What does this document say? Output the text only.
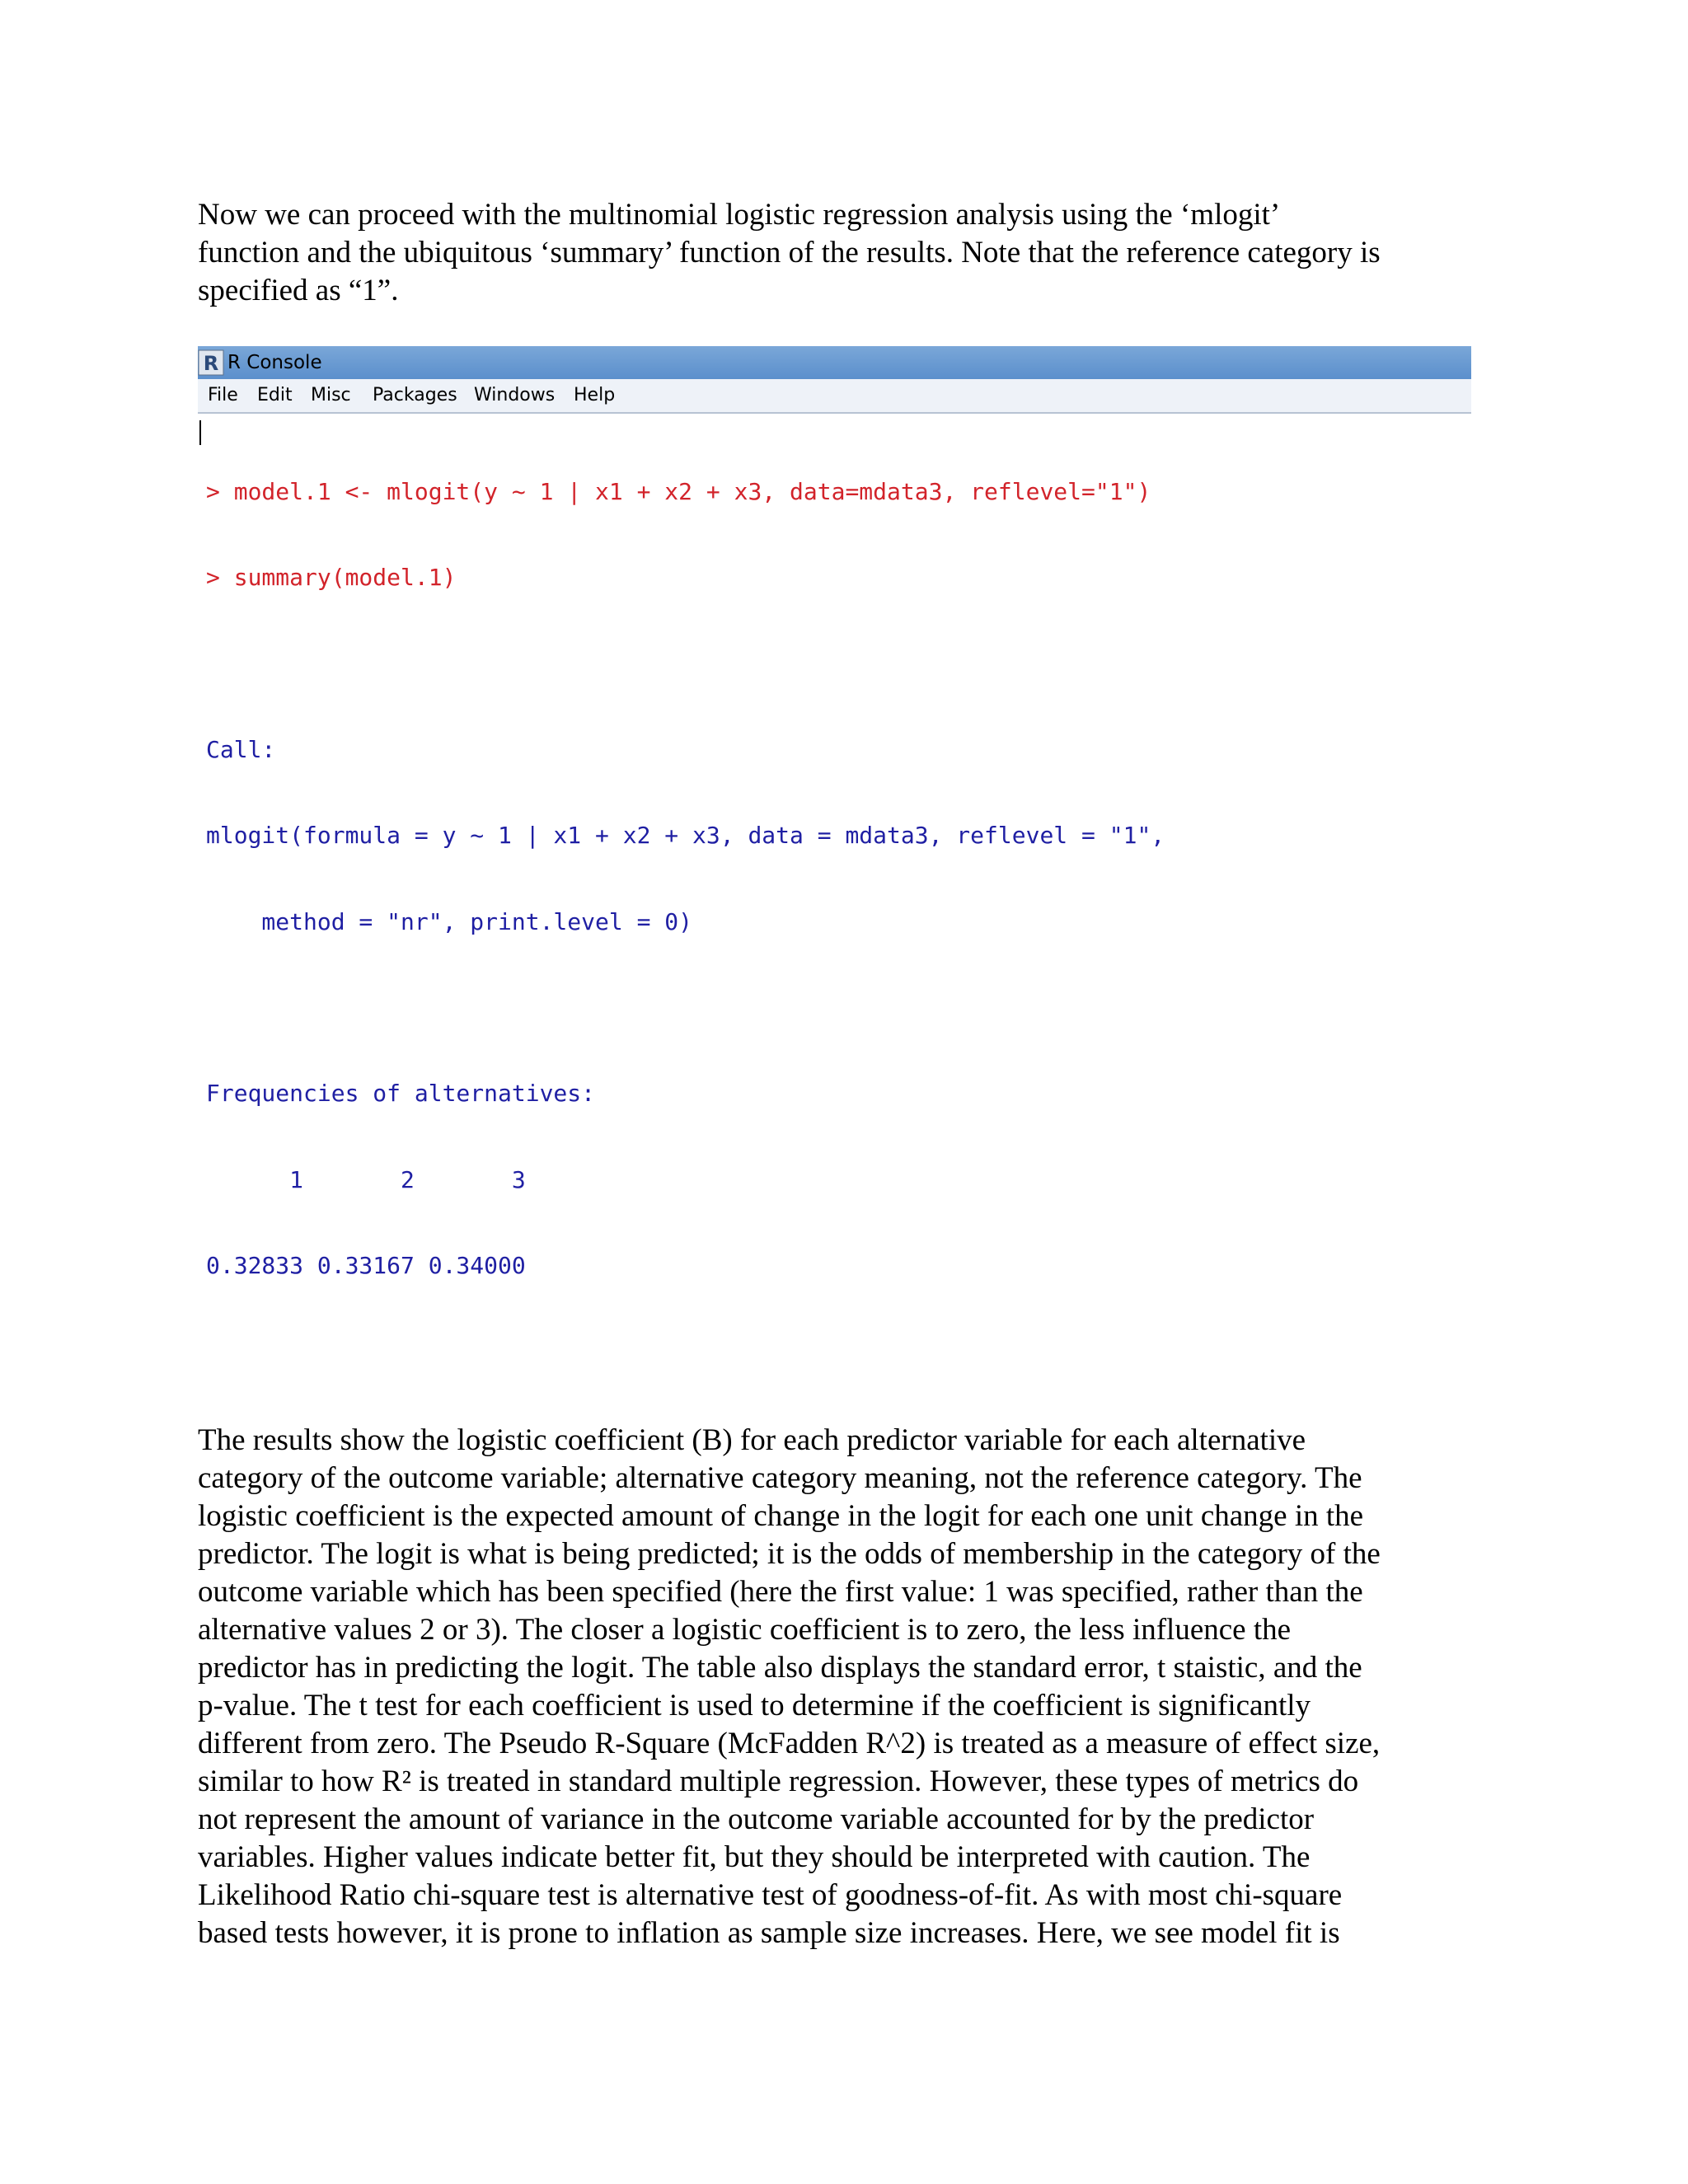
Now we can proceed with the multinomial logistic regression analysis using the ‘mlogit’
function and the ubiquitous ‘summary’ function of the results. Note that the reference category is
specified as “1”.

R R Console
File Edit Misc Packages Windows Help

> model.1 <- mlogit(y ~ 1 | x1 + x2 + x3, data=mdata3, reflevel="1")

> summary(model.1)

Call:

mlogit(formula = y ~ 1 | x1 + x2 + x3, data = mdata3, reflevel = "1",

method = "nr", print.level = 0)

Frequencies of alternatives:

1       2       3

0.32833 0.33167 0.34000

The results show the logistic coefficient (B) for each predictor variable for each alternative
category of the outcome variable; alternative category meaning, not the reference category. The
logistic coefficient is the expected amount of change in the logit for each one unit change in the
predictor. The logit is what is being predicted; it is the odds of membership in the category of the
outcome variable which has been specified (here the first value: 1 was specified, rather than the
alternative values 2 or 3). The closer a logistic coefficient is to zero, the less influence the
predictor has in predicting the logit. The table also displays the standard error, t staistic, and the
p-value. The t test for each coefficient is used to determine if the coefficient is significantly
different from zero. The Pseudo R-Square (McFadden R^2) is treated as a measure of effect size,
similar to how R² is treated in standard multiple regression. However, these types of metrics do
not represent the amount of variance in the outcome variable accounted for by the predictor
variables. Higher values indicate better fit, but they should be interpreted with caution. The
Likelihood Ratio chi-square test is alternative test of goodness-of-fit. As with most chi-square
based tests however, it is prone to inflation as sample size increases. Here, we see model fit is
